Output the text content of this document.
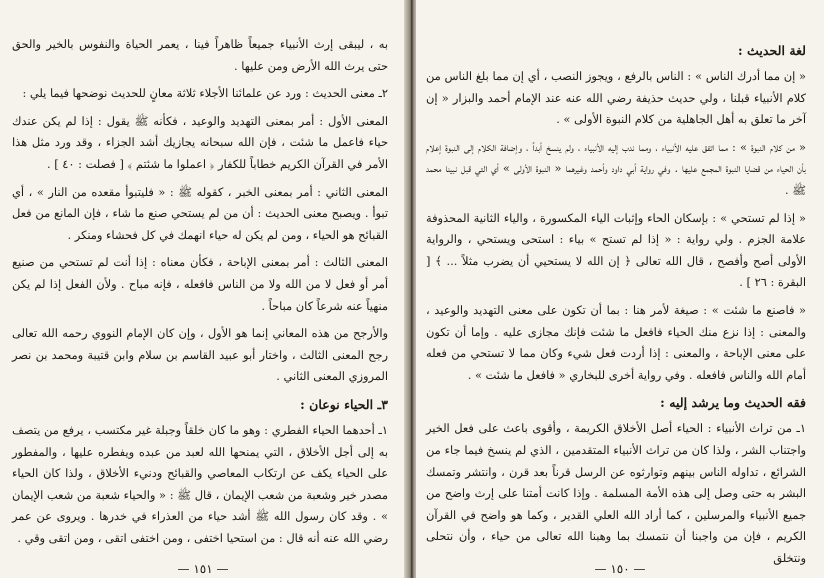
به ، ليبقى إرث الأنبياء جميعاً ظاهراً فينا ، يعمر الحياة والنفوس بالخير والحق حتى يرث الله الأرض ومن عليها .

٢ـ معنى الحديث : ورد عن علمائنا الأجلاء ثلاثة معانٍ للحديث نوضحها فيما يلي :

المعنى الأول : أمر بمعنى التهديد والوعيد ، فكأنه ﷺ يقول : إذا لم يكن عندك حياء فاعمل ما شئت ، فإن الله سبحانه يجازيك أشد الجزاء ، وقد ورد مثل هذا الأمر في القرآن الكريم خطاباً للكفار ﴿ اعملوا ما شئتم ﴾ [ فصلت : ٤٠ ] .

المعنى الثاني : أمر بمعنى الخبر ، كقوله ﷺ : « فليتبوأ مقعده من النار » ، أي تبوأ . ويصبح معنى الحديث : أن من لم يستحي صنع ما شاء ، فإن المانع من فعل القبائح هو الحياء ، ومن لم يكن له حياء انهمك في كل فحشاء ومنكر .

المعنى الثالث : أمر بمعنى الإباحة ، فكأن معناه : إذا أنت لم تستحي من صنيع أمر أو فعل لا من الله ولا من الناس فافعله ، فإنه مباح . ولأن الفعل إذا لم يكن منهياً عنه شرعاً كان مباحاً .

والأرجح من هذه المعاني إنما هو الأول ، وإن كان الإمام النووي رحمه الله تعالى رجح المعنى الثالث ، واختار أبو عبيد القاسم بن سلام وابن قتيبة ومحمد بن نصر المروزي المعنى الثاني .

٣ـ الحياء نوعان :

١ـ أحدهما الحياء الفطري : وهو ما كان خلقاً وجبلة غير مكتسب ، يرفع من يتصف به إلى أجل الأخلاق ، التي يمنحها الله لعبد من عبده ويفطره عليها ، والمفطور على الحياء يكف عن ارتكاب المعاصي والقبائح ودنيء الأخلاق ، ولذا كان الحياء مصدر خير وشعبة من شعب الإيمان ، قال ﷺ : « والحياء شعبة من شعب الإيمان » . وقد كان رسول الله ﷺ أشد حياء من العذراء في خدرها . ويروى عن عمر رضي الله عنه أنه قال : من استحيا اختفى ، ومن اختفى اتقى ، ومن اتقى وقي .

— ١٥١ —

لغة الحديث :

« إن مما أدرك الناس » : الناس بالرفع ، ويجوز النصب ، أي إن مما بلغ الناس من كلام الأنبياء قبلنا ، ولي حديث حذيفة رضي الله عنه عند الإمام أحمد والبزار « إن آخر ما تعلق به أهل الجاهلية من كلام النبوة الأولى » .

« من كلام النبوة » : مما اتفق عليه الأنبياء ، ومما ندب إليه الأنبياء ، ولم ينسخ أبداً ، وإضافة الكلام إلى النبوة إعلام بأن الحياء من قضايا النبوة المجمع عليها . وفي رواية أبي داود وأحمد وغيرهما « النبوة الأولى » أي التي قبل نبينا محمد ﷺ .

« إذا لم تستحي » : بإسكان الحاء وإثبات الياء المكسورة ، والياء الثانية المحذوفة علامة الجزم . ولي رواية : « إذا لم تستح » بياء : استحى ويستحي ، والرواية الأولى أصح وأفصح ، قال الله تعالى ﴿ إن الله لا يستحيي أن يضرب مثلاً ... ﴾ [ البقرة : ٢٦ ] .

« فاصنع ما شئت » : صيغة لأمر هنا : بما أن تكون على معنى التهديد والوعيد ، والمعنى : إذا نزع منك الحياء فافعل ما شئت فإنك مجازى عليه . وإما أن تكون على معنى الإباحة ، والمعنى : إذا أردت فعل شيء وكان مما لا تستحي من فعله أمام الله والناس فافعله . وفي رواية أخرى للبخاري « فافعل ما شئت » .

فقه الحديث وما يرشد إليه :

١ـ من تراث الأنبياء : الحياء أصل الأخلاق الكريمة ، وأقوى باعث على فعل الخير واجتناب الشر ، ولذا كان من تراث الأنبياء المتقدمين ، الذي لم ينسخ فيما جاء من الشرائع ، تداوله الناس بينهم وتوارثوه عن الرسل قرناً بعد قرن ، وانتشر وتمسك البشر به حتى وصل إلى هذه الأمة المسلمة . وإذا كانت أمتنا على إرث واضح من جميع الأنبياء والمرسلين ، كما أراد الله العلي القدير ، وكما هو واضح في القرآن الكريم ، فإن من واجبنا أن نتمسك بما وهبنا الله تعالى من حياء ، وأن نتحلى ونتخلق

— ١٥٠ —
